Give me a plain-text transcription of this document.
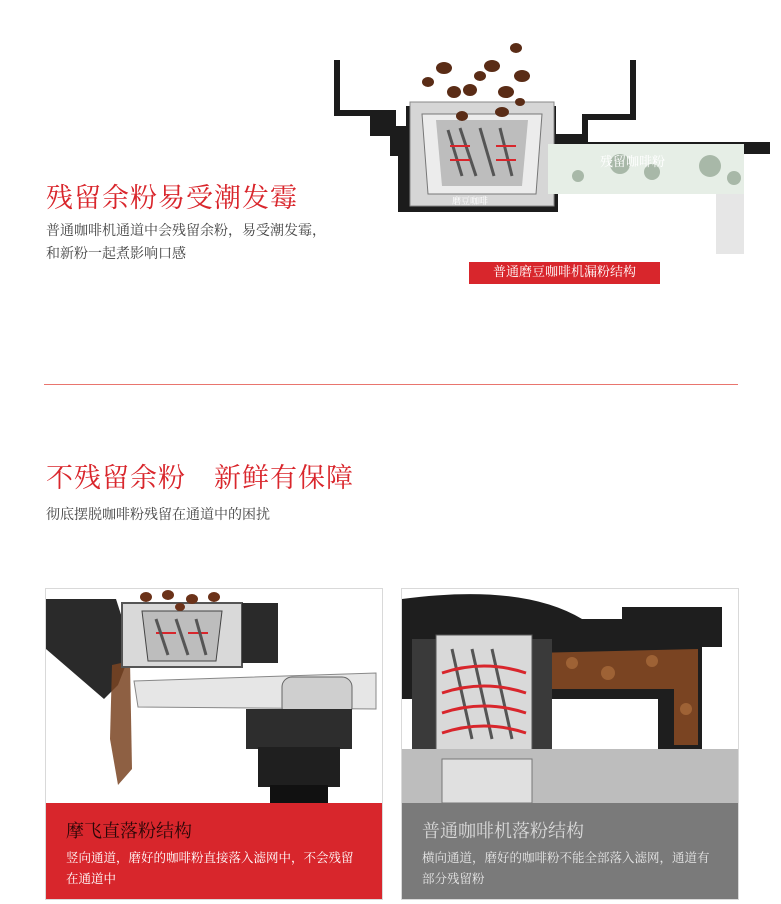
残留余粉易受潮发霉
普通咖啡机通道中会残留余粉，易受潮发霉，和新粉一起煮影响口感
残留咖啡粉
磨豆咖啡
普通磨豆咖啡机漏粉结构
不残留余粉 新鲜有保障
彻底摆脱咖啡粉残留在通道中的困扰
摩飞直落粉结构
竖向通道，磨好的咖啡粉直接落入滤网中，不会残留在通道中
普通咖啡机落粉结构
横向通道，磨好的咖啡粉不能全部落入滤网，通道有部分残留粉
